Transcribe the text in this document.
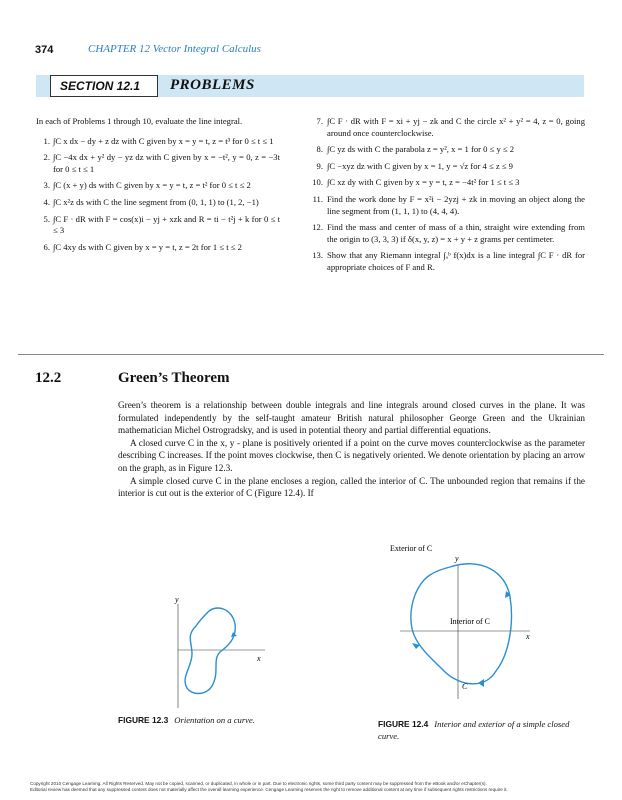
374	CHAPTER 12 Vector Integral Calculus
SECTION 12.1 PROBLEMS

In each of Problems 1 through 10, evaluate the line integral.

1. ∫C x dx − dy + z dz with C given by x = y = t, z = t³ for 0 ≤ t ≤ 1
2. ∫C −4x dx + y² dy − yz dz with C given by x = −t², y = 0, z = −3t for 0 ≤ t ≤ 1
3. ∫C (x + y) ds with C given by x = y = t, z = t² for 0 ≤ t ≤ 2
4. ∫C x²z ds with C the line segment from (0, 1, 1) to (1, 2, −1)
5. ∫C F · dR with F = cos(x)i − yj + xzk and R = ti − t²j + k for 0 ≤ t ≤ 3
6. ∫C 4xy ds with C given by x = y = t, z = 2t for 1 ≤ t ≤ 2
7. ∫C F · dR with F = xi + yj − zk and C the circle x² + y² = 4, z = 0, going around once counterclockwise.
8. ∫C yz ds with C the parabola z = y², x = 1 for 0 ≤ y ≤ 2
9. ∫C −xyz dz with C given by x = 1, y = √z for 4 ≤ z ≤ 9
10. ∫C xz dy with C given by x = y = t, z = −4t² for 1 ≤ t ≤ 3
11. Find the work done by F = x²i − 2yzj + zk in moving an object along the line segment from (1, 1, 1) to (4, 4, 4).
12. Find the mass and center of mass of a thin, straight wire extending from the origin to (3, 3, 3) if δ(x, y, z) = x + y + z grams per centimeter.
13. Show that any Riemann integral ∫ₐᵇ f(x)dx is a line integral ∫C F · dR for appropriate choices of F and R.
12.2	Green’s Theorem

Green’s theorem is a relationship between double integrals and line integrals around closed curves in the plane. It was formulated independently by the self-taught amateur British natural philosopher George Green and the Ukrainian mathematician Michel Ostrogradsky, and is used in potential theory and partial differential equations.

A closed curve C in the x, y - plane is positively oriented if a point on the curve moves counterclockwise as the parameter describing C increases. If the point moves clockwise, then C is negatively oriented. We denote orientation by placing an arrow on the graph, as in Figure 12.3.

A simple closed curve C in the plane encloses a region, called the interior of C. The unbounded region that remains if the interior is cut out is the exterior of C (Figure 12.4). If

y
x
FIGURE 12.3 Orientation on a curve.
Exterior of C
y
x
Interior of C
C
FIGURE 12.4 Interior and exterior of a simple closed curve.
Copyright 2010 Cengage Learning. All Rights Reserved. May not be copied, scanned, or duplicated, in whole or in part. Due to electronic rights, some third party content may be suppressed from the eBook and/or eChapter(s).
Editorial review has deemed that any suppressed content does not materially affect the overall learning experience. Cengage Learning reserves the right to remove additional content at any time if subsequent rights restrictions require it.
